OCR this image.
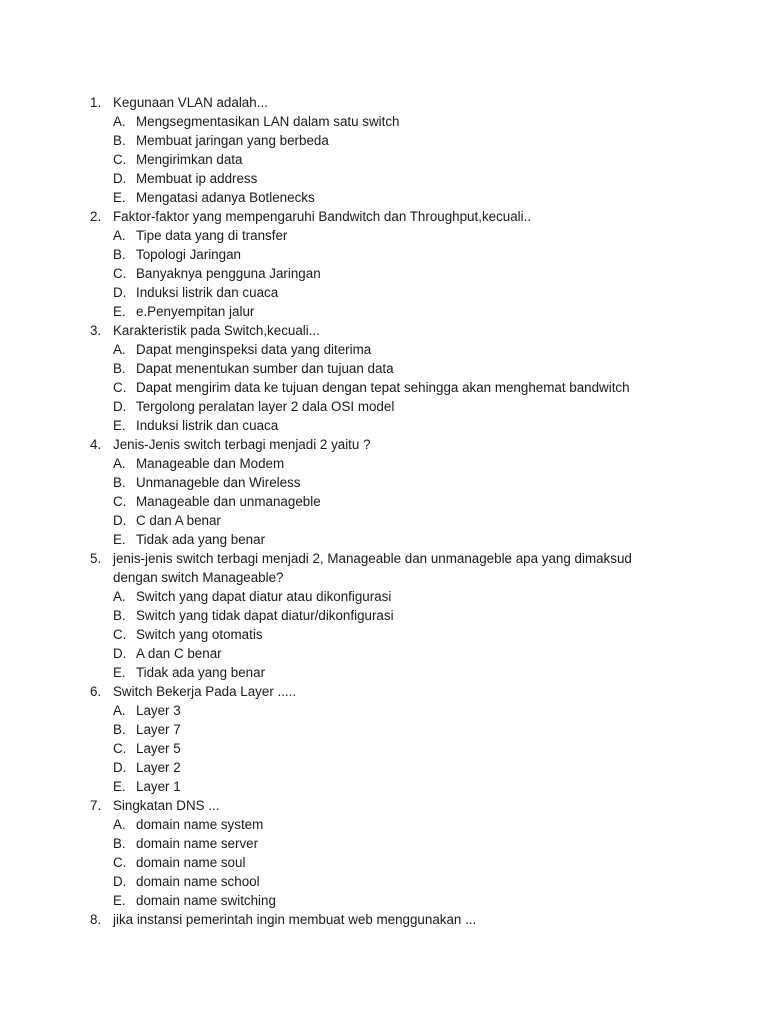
1. Kegunaan VLAN adalah...
A. Mengsegmentasikan LAN dalam satu switch
B. Membuat jaringan yang berbeda
C. Mengirimkan data
D. Membuat ip address
E. Mengatasi adanya Botlenecks
2. Faktor-faktor yang mempengaruhi Bandwitch dan Throughput,kecuali..
A. Tipe data yang di transfer
B. Topologi Jaringan
C. Banyaknya pengguna Jaringan
D. Induksi listrik dan cuaca
E. e.Penyempitan jalur
3. Karakteristik pada Switch,kecuali...
A. Dapat menginspeksi data yang diterima
B. Dapat menentukan sumber dan tujuan data
C. Dapat mengirim data ke tujuan dengan tepat sehingga akan menghemat bandwitch
D. Tergolong peralatan layer 2 dala OSI model
E. Induksi listrik dan cuaca
4. Jenis-Jenis switch terbagi menjadi 2 yaitu ?
A. Manageable dan Modem
B. Unmanageble dan Wireless
C. Manageable dan unmanageble
D. C dan A benar
E. Tidak ada yang benar
5. jenis-jenis switch terbagi menjadi 2, Manageable dan unmanageble apa yang dimaksud dengan switch Manageable?
A. Switch yang dapat diatur atau dikonfigurasi
B. Switch yang tidak dapat diatur/dikonfigurasi
C. Switch yang otomatis
D. A dan C benar
E. Tidak ada yang benar
6. Switch Bekerja Pada Layer .....
A. Layer 3
B. Layer 7
C. Layer 5
D. Layer 2
E. Layer 1
7. Singkatan DNS ...
A. domain name system
B. domain name server
C. domain name soul
D. domain name school
E. domain name switching
8. jika instansi pemerintah ingin membuat web menggunakan ...
